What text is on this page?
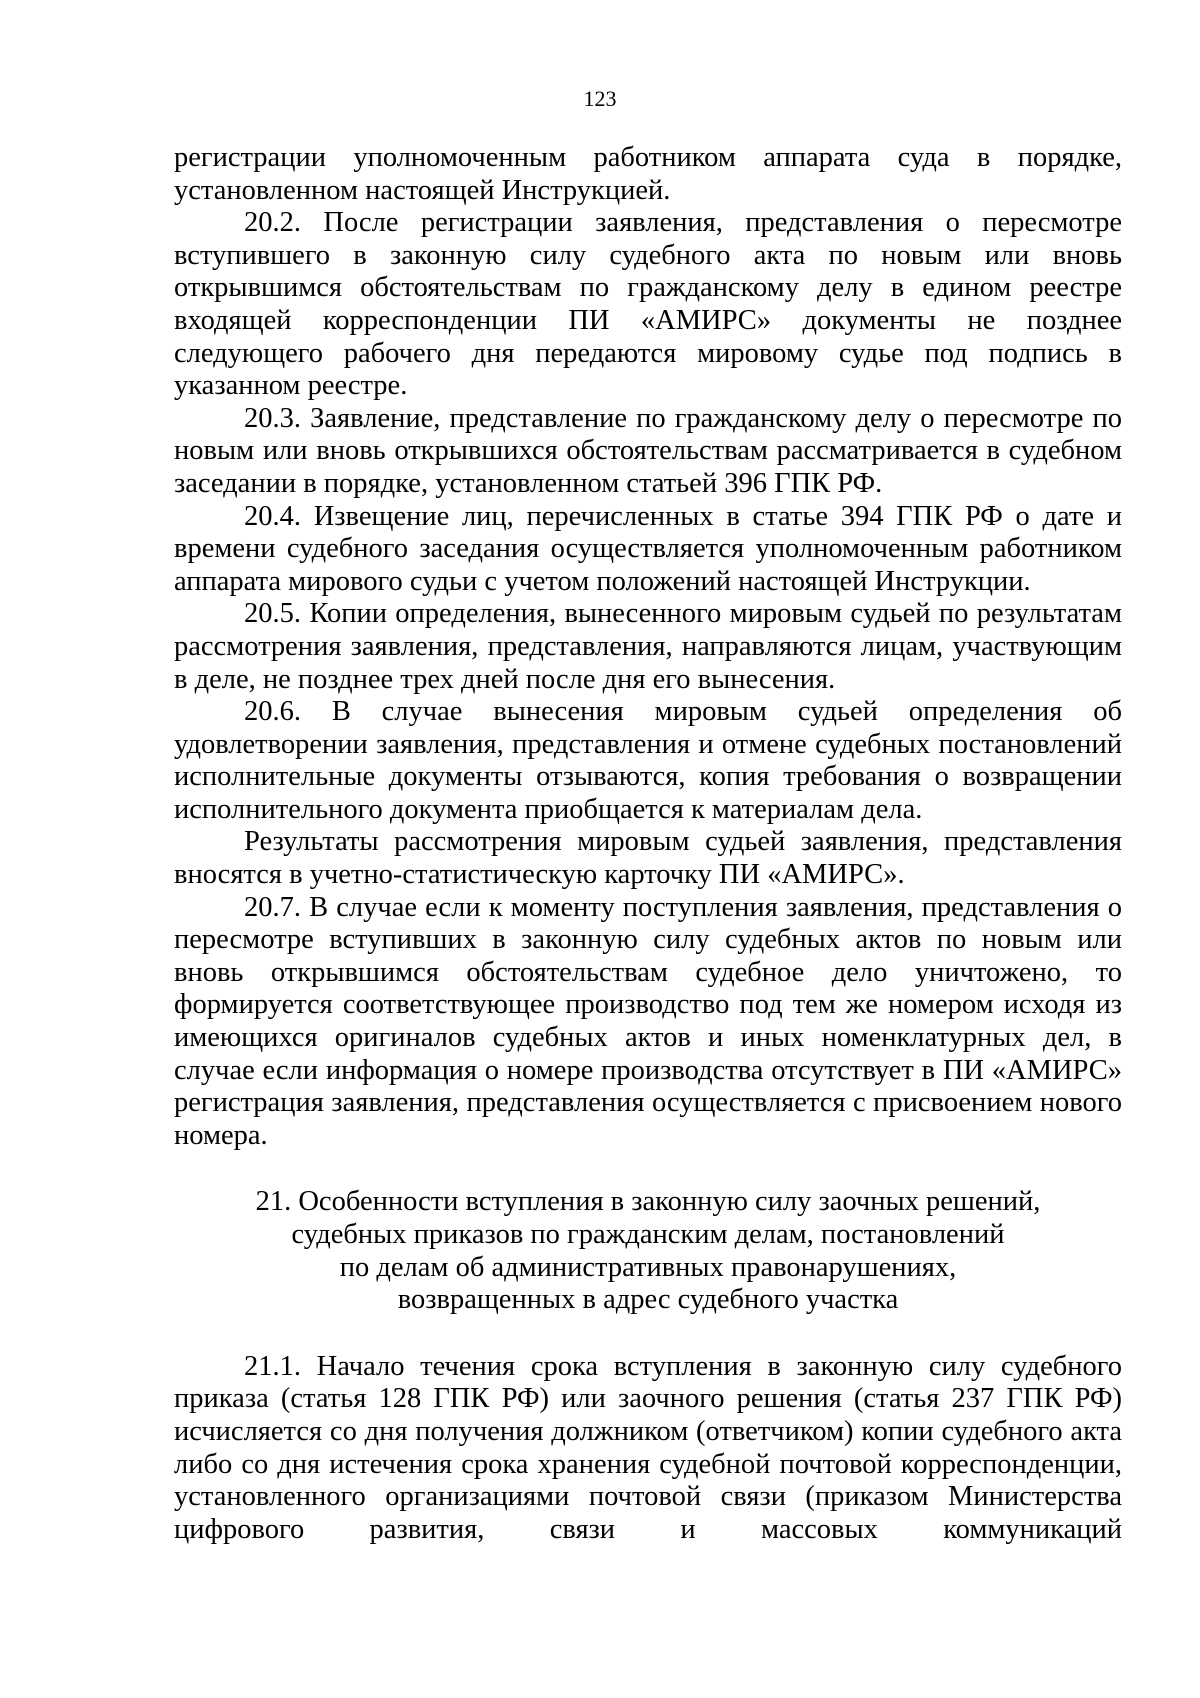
123

регистрации уполномоченным работником аппарата суда в порядке, установленном настоящей Инструкцией.

20.2. После регистрации заявления, представления о пересмотре вступившего в законную силу судебного акта по новым или вновь открывшимся обстоятельствам по гражданскому делу в едином реестре входящей корреспонденции ПИ «АМИРС» документы не позднее следующего рабочего дня передаются мировому судье под подпись в указанном реестре.

20.3. Заявление, представление по гражданскому делу о пересмотре по новым или вновь открывшихся обстоятельствам рассматривается в судебном заседании в порядке, установленном статьей 396 ГПК РФ.

20.4. Извещение лиц, перечисленных в статье 394 ГПК РФ о дате и времени судебного заседания осуществляется уполномоченным работником аппарата мирового судьи с учетом положений настоящей Инструкции.

20.5. Копии определения, вынесенного мировым судьей по результатам рассмотрения заявления, представления, направляются лицам, участвующим в деле, не позднее трех дней после дня его вынесения.

20.6. В случае вынесения мировым судьей определения об удовлетворении заявления, представления и отмене судебных постановлений исполнительные документы отзываются, копия требования о возвращении исполнительного документа приобщается к материалам дела.

Результаты рассмотрения мировым судьей заявления, представления вносятся в учетно-статистическую карточку ПИ «АМИРС».

20.7. В случае если к моменту поступления заявления, представления о пересмотре вступивших в законную силу судебных актов по новым или вновь открывшимся обстоятельствам судебное дело уничтожено, то формируется соответствующее производство под тем же номером исходя из имеющихся оригиналов судебных актов и иных номенклатурных дел, в случае если информация о номере производства отсутствует в ПИ «АМИРС» регистрация заявления, представления осуществляется с присвоением нового номера.

21. Особенности вступления в законную силу заочных решений,
судебных приказов по гражданским делам, постановлений
по делам об административных правонарушениях,
возвращенных в адрес судебного участка

21.1. Начало течения срока вступления в законную силу судебного приказа (статья 128 ГПК РФ) или заочного решения (статья 237 ГПК РФ) исчисляется со дня получения должником (ответчиком) копии судебного акта либо со дня истечения срока хранения судебной почтовой корреспонденции, установленного организациями почтовой связи (приказом Министерства цифрового развития, связи и массовых коммуникаций
